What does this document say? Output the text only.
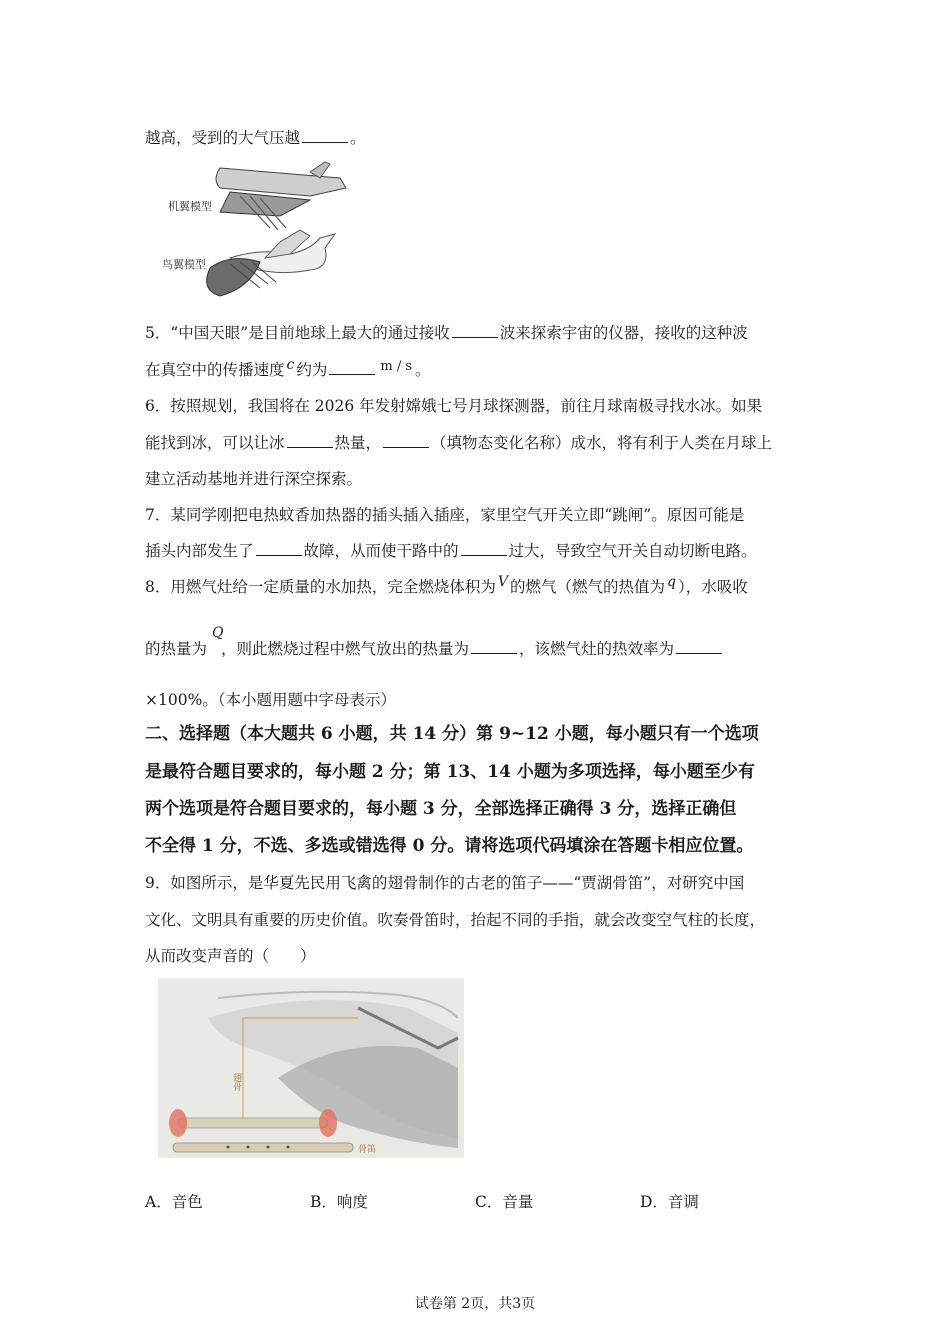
越高，受到的大气压越	。
机翼模型
鸟翼模型
5．“中国天眼”是目前地球上最大的通过接收	波来探索宇宙的仪器，接收的这种波
在真空中的传播速度 c 约为	$^{m / s}$ 。
6．按照规划，我国将在 2026 年发射嫦娥七号月球探测器，前往月球南极寻找水冰。如果
能找到冰，可以让冰	热量，	（填物态变化名称）成水，将有利于人类在月球上
建立活动基地并进行深空探索。
7．某同学刚把电热蚊香加热器的插头插入插座，家里空气开关立即“跳闸”。原因可能是
插头内部发生了	故障，从而使干路中的	过大，导致空气开关自动切断电路。
8．用燃气灶给一定质量的水加热，完全燃烧体积为 V 的燃气（燃气的热值为 q ），水吸收
Q
的热量为 ，则此燃烧过程中燃气放出的热量为	，该燃气灶的热效率为
×100%。（本小题用题中字母表示）
二、选择题（本大题共 6 小题，共 14 分）第 9~12 小题，每小题只有一个选项
是最符合题目要求的，每小题 2 分；第 13、14 小题为多项选择，每小题至少有
两个选项是符合题目要求的，每小题 3 分，全部选择正确得 3 分，选择正确但
不全得 1 分，不选、多选或错选得 0 分。请将选项代码填涂在答题卡相应位置。
9．如图所示，是华夏先民用飞禽的翅骨制作的古老的笛子——“贾湖骨笛”，对研究中国
文化、文明具有重要的历史价值。吹奏骨笛时，抬起不同的手指，就会改变空气柱的长度，
从而改变声音的（　　）
翅骨
骨笛
A．音色	B．响度	C．音量	D．音调
试卷第 2页，共3页
